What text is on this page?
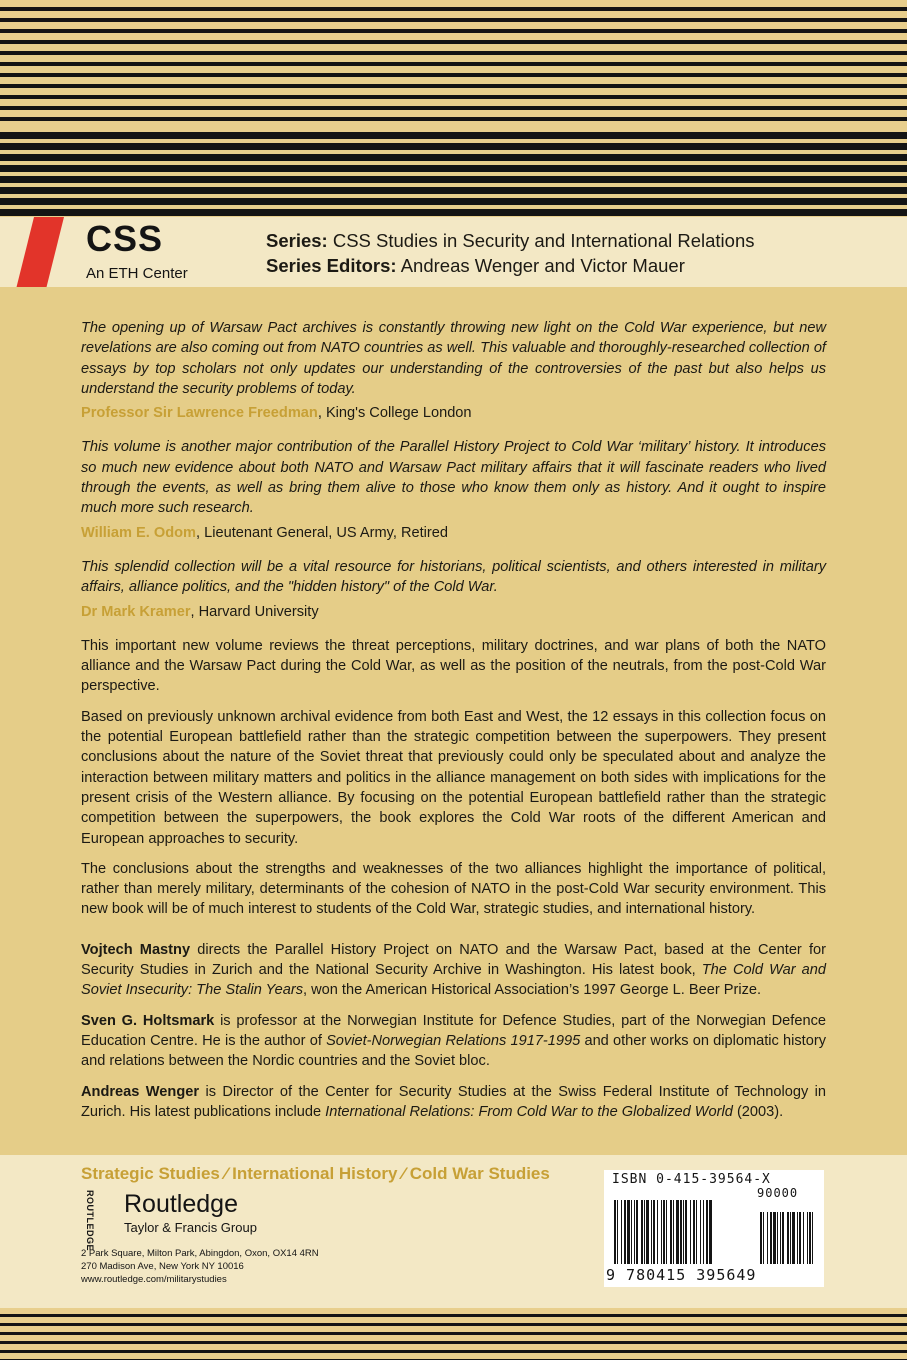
CSS
An ETH Center
Series: CSS Studies in Security and International Relations
Series Editors: Andreas Wenger and Victor Mauer

The opening up of Warsaw Pact archives is constantly throwing new light on the Cold War experience, but new revelations are also coming out from NATO countries as well. This valuable and thoroughly-researched collection of essays by top scholars not only updates our understanding of the controversies of the past but also helps us understand the security problems of today.

Professor Sir Lawrence Freedman, King's College London

This volume is another major contribution of the Parallel History Project to Cold War ‘military’ history. It introduces so much new evidence about both NATO and Warsaw Pact military affairs that it will fascinate readers who lived through the events, as well as bring them alive to those who know them only as history. And it ought to inspire much more such research.

William E. Odom, Lieutenant General, US Army, Retired

This splendid collection will be a vital resource for historians, political scientists, and others interested in military affairs, alliance politics, and the "hidden history" of the Cold War.

Dr Mark Kramer, Harvard University

This important new volume reviews the threat perceptions, military doctrines, and war plans of both the NATO alliance and the Warsaw Pact during the Cold War, as well as the position of the neutrals, from the post-Cold War perspective.

Based on previously unknown archival evidence from both East and West, the 12 essays in this collection focus on the potential European battlefield rather than the strategic competition between the superpowers. They present conclusions about the nature of the Soviet threat that previously could only be speculated about and analyze the interaction between military matters and politics in the alliance management on both sides with implications for the present crisis of the Western alliance. By focusing on the potential European battlefield rather than the strategic competition between the superpowers, the book explores the Cold War roots of the different American and European approaches to security.

The conclusions about the strengths and weaknesses of the two alliances highlight the importance of political, rather than merely military, determinants of the cohesion of NATO in the post-Cold War security environment. This new book will be of much interest to students of the Cold War, strategic studies, and international history.

Vojtech Mastny directs the Parallel History Project on NATO and the Warsaw Pact, based at the Center for Security Studies in Zurich and the National Security Archive in Washington. His latest book, The Cold War and Soviet Insecurity: The Stalin Years, won the American Historical Association’s 1997 George L. Beer Prize.

Sven G. Holtsmark is professor at the Norwegian Institute for Defence Studies, part of the Norwegian Defence Education Centre. He is the author of Soviet-Norwegian Relations 1917-1995 and other works on diplomatic history and relations between the Nordic countries and the Soviet bloc.

Andreas Wenger is Director of the Center for Security Studies at the Swiss Federal Institute of Technology in Zurich. His latest publications include International Relations: From Cold War to the Globalized World (2003).

Strategic Studies ⁄ International History ⁄ Cold War Studies
ROUTLEDGE Routledge
Taylor & Francis Group
2 Park Square, Milton Park, Abingdon, Oxon, OX14 4RN
270 Madison Ave, New York NY 10016
www.routledge.com/militarystudies
ISBN 0-415-39564-X
90000
9 780415 395649
